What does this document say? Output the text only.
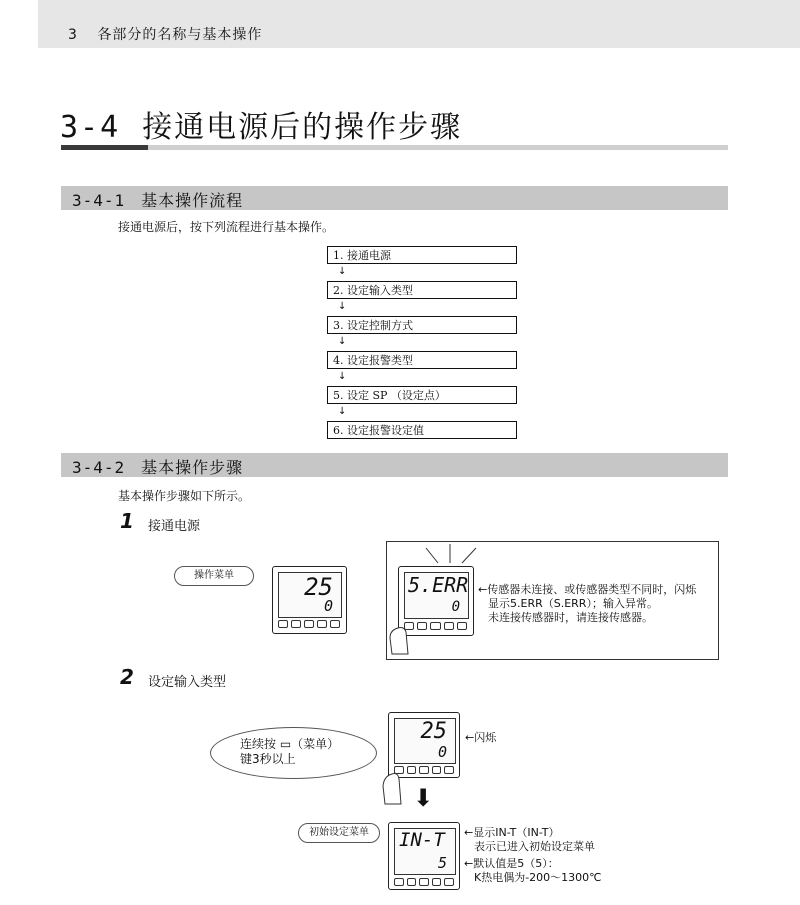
3 各部分的名称与基本操作
3-4 接通电源后的操作步骤
3-4-1 基本操作流程
接通电源后，按下列流程进行基本操作。
1. 接通电源
↓
2. 设定输入类型
↓
3. 设定控制方式
↓
4. 设定报警类型
↓
5. 设定 SP （设定点）
↓
6. 设定报警设定值
3-4-2 基本操作步骤
基本操作步骤如下所示。
1 接通电源
操作菜单	25
0
5.ERR
0
←传感器未连接、或传感器类型不同时，闪烁
显示5.ERR（S.ERR）；输入异常。
未连接传感器时，请连接传感器。
2 设定输入类型
连续按 ▭（菜单）
键3秒以上
25
0
←闪烁
⬇
初始设定菜单	IN-T
5
←显示IN-T（IN-T）
表示已进入初始设定菜单
←默认值是5（5）：
K热电偶为-200～1300℃
